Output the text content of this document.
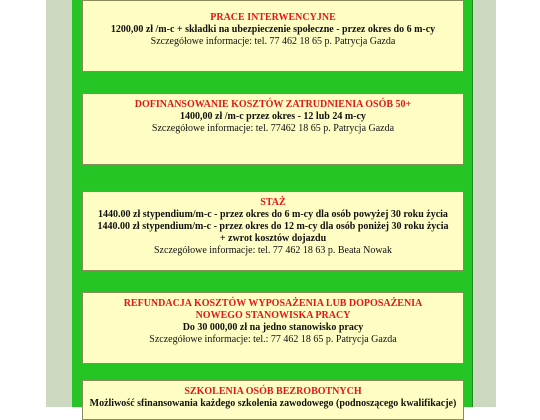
PRACE INTERWENCYJNE
1200,00 zł /m-c + składki na ubezpieczenie społeczne - przez okres do 6 m-cy
Szczegółowe informacje: tel. 77 462 18 65 p. Patrycja Gazda
DOFINANSOWANIE KOSZTÓW ZATRUDNIENIA OSÓB 50+
1400,00 zł /m-c przez okres - 12 lub 24 m-cy
Szczegółowe informacje: tel. 77462 18 65 p. Patrycja Gazda
STAŻ
1440.00 zł stypendium/m-c - przez okres do 6 m-cy dla osób powyżej 30 roku życia
1440.00 zł stypendium/m-c - przez okres do 12 m-cy dla osób poniżej 30 roku życia
+ zwrot kosztów dojazdu
Szczegółowe informacje: tel. 77 462 18 63 p. Beata Nowak
REFUNDACJA KOSZTÓW WYPOSAŻENIA LUB DOPOSAŻENIA
NOWEGO STANOWISKA PRACY
Do 30 000,00 zł na jedno stanowisko pracy
Szczegółowe informacje: tel.: 77 462 18 65 p. Patrycja Gazda
SZKOLENIA OSÓB BEZROBOTNYCH
Możliwość sfinansowania każdego szkolenia zawodowego (podnoszącego kwalifikacje)
